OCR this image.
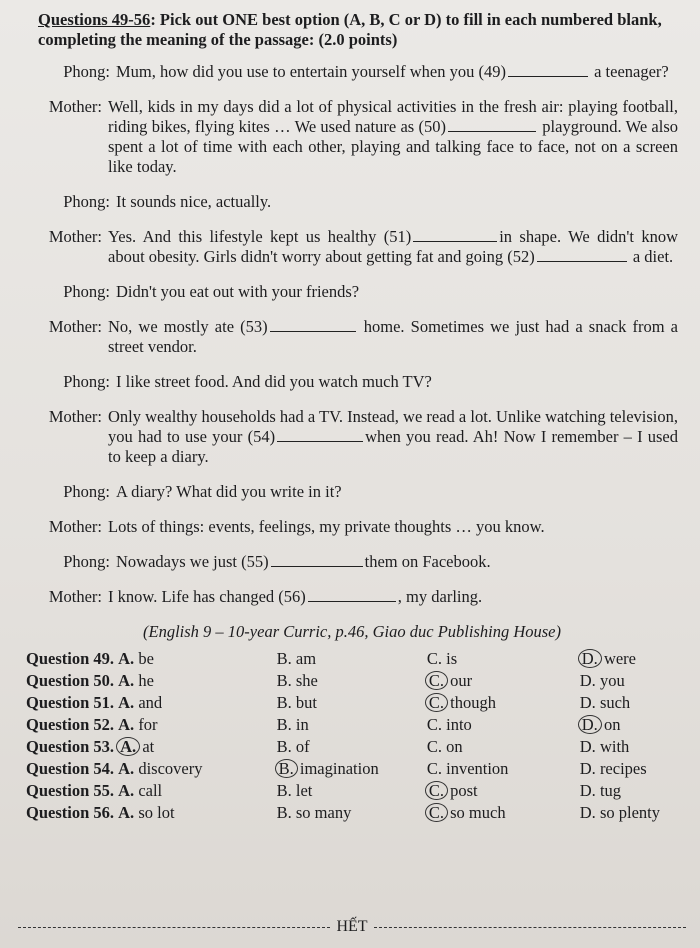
Questions 49-56: Pick out ONE best option (A, B, C or D) to fill in each numbered blank, completing the meaning of the passage: (2.0 points)
Phong: Mum, how did you use to entertain yourself when you (49)	a teenager?
Mother: Well, kids in my days did a lot of physical activities in the fresh air: playing football, riding bikes, flying kites … We used nature as (50)	playground. We also spent a lot of time with each other, playing and talking face to face, not on a screen like today.
Phong: It sounds nice, actually.
Mother: Yes. And this lifestyle kept us healthy (51)	in shape. We didn't know about obesity. Girls didn't worry about getting fat and going (52)	a diet.
Phong: Didn't you eat out with your friends?
Mother: No, we mostly ate (53)	home. Sometimes we just had a snack from a street vendor.
Phong: I like street food. And did you watch much TV?
Mother: Only wealthy households had a TV. Instead, we read a lot. Unlike watching television, you had to use your (54)	when you read. Ah! Now I remember – I used to keep a diary.
Phong: A diary? What did you write in it?
Mother: Lots of things: events, feelings, my private thoughts … you know.
Phong: Nowadays we just (55)	them on Facebook.
Mother: I know. Life has changed (56)	, my darling.
(English 9 – 10-year Curric, p.46, Giao duc Publishing House)
Question 49. A. be	B. am	C. is	D. were
Question 50. A. he	B. she	C. our	D. you
Question 51. A. and	B. but	C. though	D. such
Question 52. A. for	B. in	C. into	D. on
Question 53. A. at	B. of	C. on	D. with
Question 54. A. discovery	B. imagination	C. invention	D. recipes
Question 55. A. call	B. let	C. post	D. tug
Question 56. A. so lot	B. so many	C. so much	D. so plenty
HẾT
